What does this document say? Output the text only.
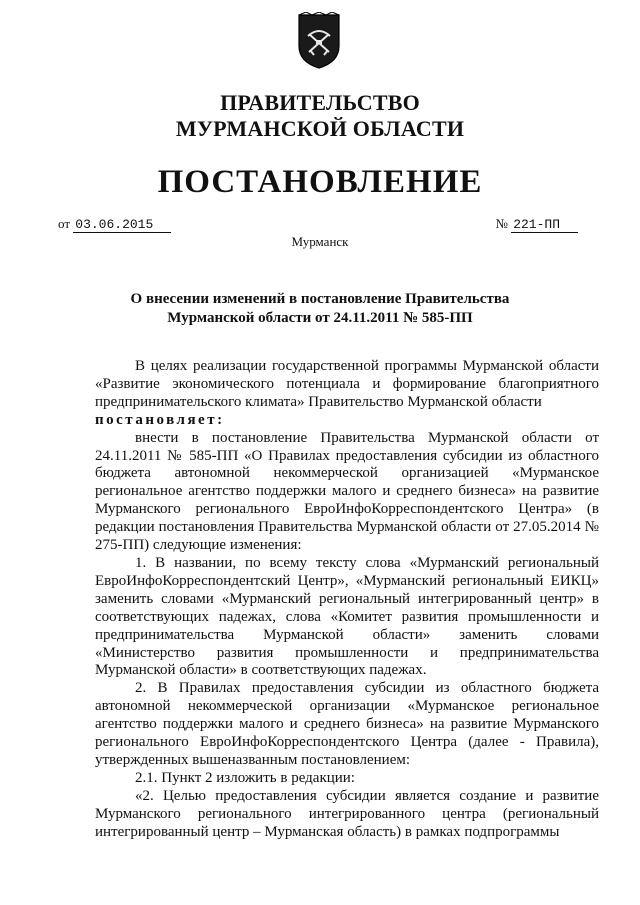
ПРАВИТЕЛЬСТВО
МУРМАНСКОЙ ОБЛАСТИ
ПОСТАНОВЛЕНИЕ
от 03.06.2015	№ 221-ПП
Мурманск
О внесении изменений в постановление Правительства
Мурманской области от 24.11.2011 № 585-ПП

В целях реализации государственной программы Мурманской области «Развитие экономического потенциала и формирование благоприятного предпринимательского климата» Правительство Мурманской области

постановляет:

внести в постановление Правительства Мурманской области от 24.11.2011 № 585-ПП «О Правилах предоставления субсидии из областного бюджета автономной некоммерческой организацией «Мурманское региональное агентство поддержки малого и среднего бизнеса» на развитие Мурманского регионального ЕвроИнфоКорреспондентского Центра» (в редакции постановления Правительства Мурманской области от 27.05.2014 № 275-ПП) следующие изменения:

1. В названии, по всему тексту слова «Мурманский региональный ЕвроИнфоКорреспондентский Центр», «Мурманский региональный ЕИКЦ» заменить словами «Мурманский региональный интегрированный центр» в соответствующих падежах, слова «Комитет развития промышленности и предпринимательства Мурманской области» заменить словами «Министерство развития промышленности и предпринимательства Мурманской области» в соответствующих падежах.

2. В Правилах предоставления субсидии из областного бюджета автономной некоммерческой организации «Мурманское региональное агентство поддержки малого и среднего бизнеса» на развитие Мурманского регионального ЕвроИнфоКорреспондентского Центра (далее - Правила), утвержденных вышеназванным постановлением:

2.1. Пункт 2 изложить в редакции:

«2. Целью предоставления субсидии является создание и развитие Мурманского регионального интегрированного центра (региональный интегрированный центр – Мурманская область) в рамках подпрограммы
